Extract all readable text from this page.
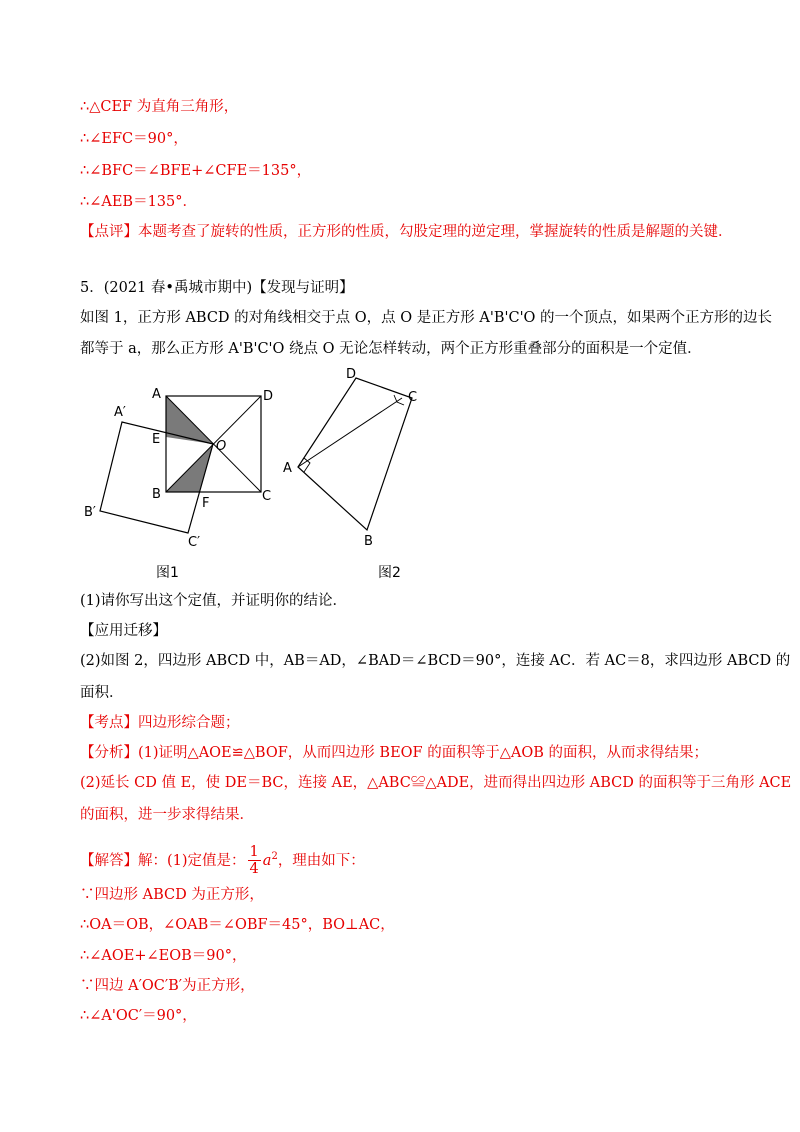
∴△CEF 为直角三角形，
∴∠EFC＝90°，
∴∠BFC＝∠BFE+∠CFE＝135°，
∴∠AEB＝135°．
【点评】本题考查了旋转的性质，正方形的性质，勾股定理的逆定理，掌握旋转的性质是解题的关键．
5．(2021 春•禹城市期中)【发现与证明】
如图 1，正方形 ABCD 的对角线相交于点 O，点 O 是正方形 A'B'C'O 的一个顶点，如果两个正方形的边长
都等于 a，那么正方形 A'B'C'O 绕点 O 无论怎样转动，两个正方形重叠部分的面积是一个定值．
A	D
B	C
O
E
F
A′
B′
C′
图1
D
C
A
B
图2
(1)请你写出这个定值，并证明你的结论．
【应用迁移】
(2)如图 2，四边形 ABCD 中，AB＝AD，∠BAD＝∠BCD＝90°，连接 AC．若 AC＝8，求四边形 ABCD 的
面积．
【考点】四边形综合题；
【分析】(1)证明△AOE≌△BOF，从而四边形 BEOF 的面积等于△AOB 的面积，从而求得结果；
(2)延长 CD 值 E，使 DE＝BC，连接 AE，△ABC≌△ADE，进而得出四边形 ABCD 的面积等于三角形 ACE
的面积，进一步求得结果．
【解答】解：(1)定值是： $\frac{1}{4} a^2$，理由如下：
∵四边形 ABCD 为正方形，
∴OA＝OB，∠OAB＝∠OBF＝45°，BO⊥AC，
∴∠AOE+∠EOB＝90°，
∵四边 A′OC′B′为正方形，
∴∠A'OC′＝90°，
